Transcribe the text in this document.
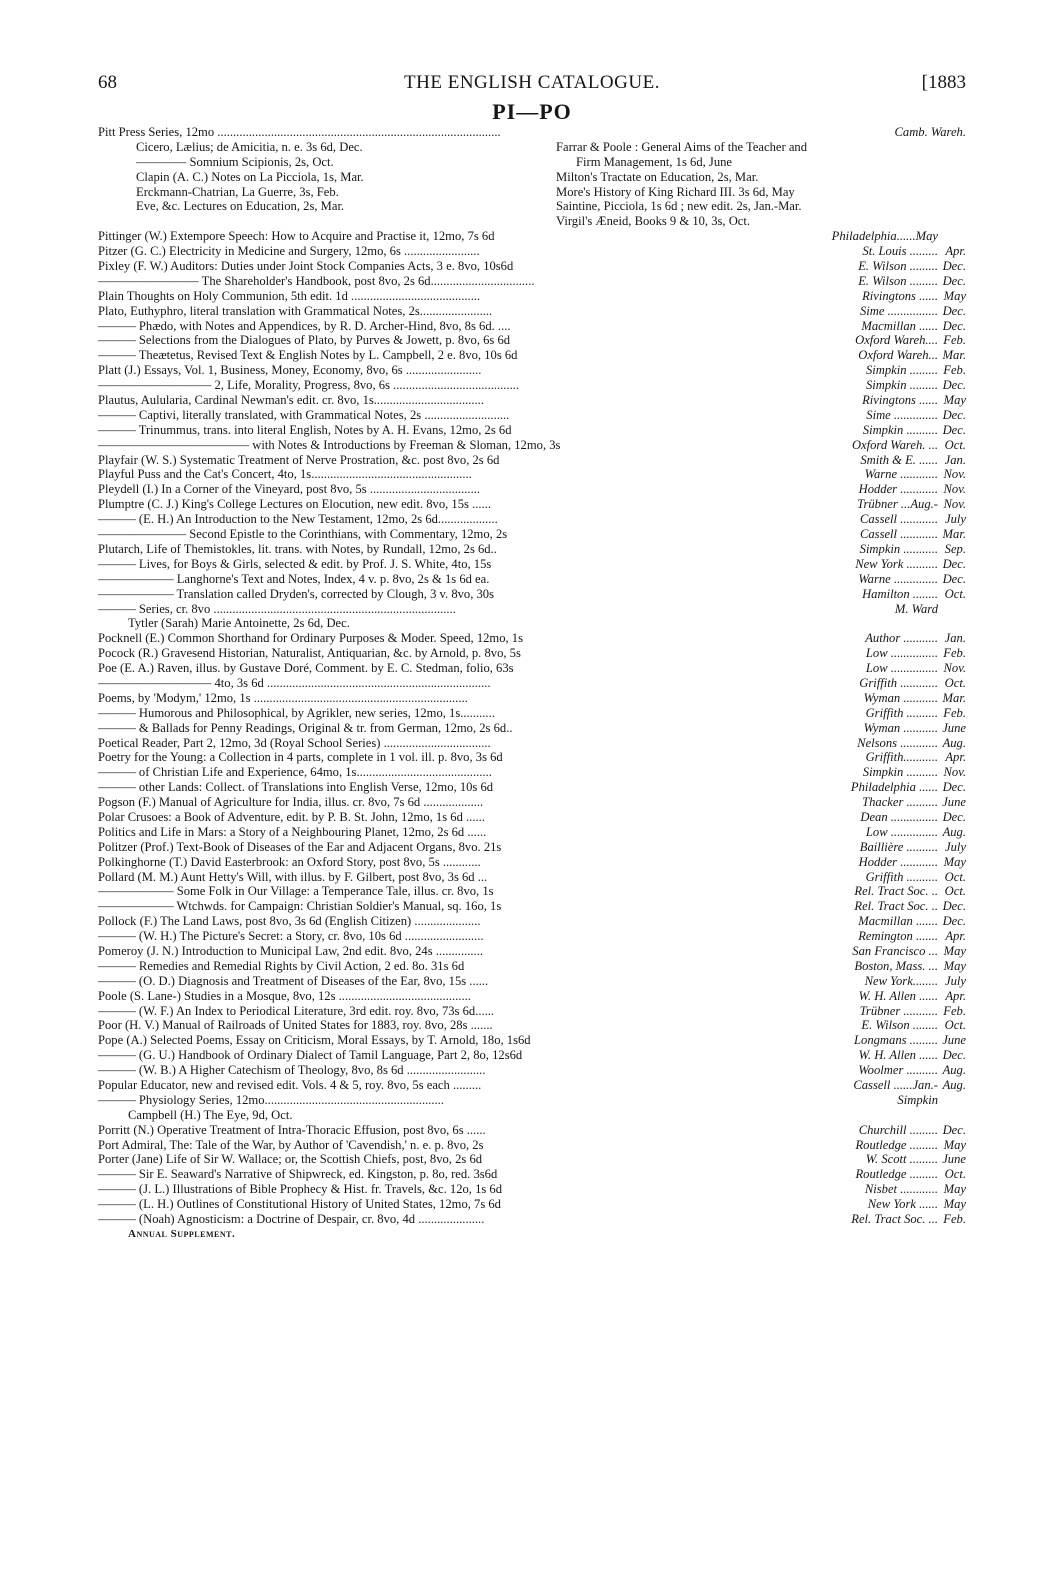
68	THE ENGLISH CATALOGUE.	[1883
PI—PO
Pitt Press Series, 12mo ..........................................................................................	Camb. Wareh.
Cicero, Lælius; de Amicitia, n. e. 3s 6d, Dec.
———— Somnium Scipionis, 2s, Oct.
Clapin (A. C.) Notes on La Picciola, 1s, Mar.
Erckmann-Chatrian, La Guerre, 3s, Feb.
Eve, &c. Lectures on Education, 2s, Mar.
Farrar & Poole : General Aims of the Teacher and
Firm Management, 1s 6d, June
Milton's Tractate on Education, 2s, Mar.
More's History of King Richard III. 3s 6d, May
Saintine, Picciola, 1s 6d ; new edit. 2s, Jan.-Mar.
Virgil's Æneid, Books 9 & 10, 3s, Oct.
Pittinger (W.) Extempore Speech: How to Acquire and Practise it, 12mo, 7s 6d	Philadelphia......May
Pitzer (G. C.) Electricity in Medicine and Surgery, 12mo, 6s ........................	St. Louis ......... Apr.
Pixley (F. W.) Auditors: Duties under Joint Stock Companies Acts, 3 e. 8vo, 10s6d	E. Wilson ......... Dec.
———————— The Shareholder's Handbook, post 8vo, 2s 6d.................................	E. Wilson ......... Dec.
Plain Thoughts on Holy Communion, 5th edit. 1d .........................................	Rivingtons ...... May
Plato, Euthyphro, literal translation with Grammatical Notes, 2s.......................	Sime ................ Dec.
——— Phædo, with Notes and Appendices, by R. D. Archer-Hind, 8vo, 8s 6d. ....	Macmillan ...... Dec.
——— Selections from the Dialogues of Plato, by Purves & Jowett, p. 8vo, 6s 6d	Oxford Wareh.... Feb.
——— Theætetus, Revised Text & English Notes by L. Campbell, 2 e. 8vo, 10s 6d	Oxford Wareh... Mar.
Platt (J.) Essays, Vol. 1, Business, Money, Economy, 8vo, 6s ........................	Simpkin ......... Feb.
————————— 2, Life, Morality, Progress, 8vo, 6s ........................................	Simpkin ......... Dec.
Plautus, Aulularia, Cardinal Newman's edit. cr. 8vo, 1s...................................	Rivingtons ...... May
——— Captivi, literally translated, with Grammatical Notes, 2s ...........................	Sime .............. Dec.
——— Trinummus, trans. into literal English, Notes by A. H. Evans, 12mo, 2s 6d	Simpkin .......... Dec.
———————————— with Notes & Introductions by Freeman & Sloman, 12mo, 3s	Oxford Wareh. ... Oct.
Playfair (W. S.) Systematic Treatment of Nerve Prostration, &c. post 8vo, 2s 6d	Smith & E. ...... Jan.
Playful Puss and the Cat's Concert, 4to, 1s...................................................	Warne ............ Nov.
Pleydell (I.) In a Corner of the Vineyard, post 8vo, 5s ...................................	Hodder ............ Nov.
Plumptre (C. J.) King's College Lectures on Elocution, new edit. 8vo, 15s ......	Trübner ...Aug.- Nov.
——— (E. H.) An Introduction to the New Testament, 12mo, 2s 6d...................	Cassell ............ July
——————— Second Epistle to the Corinthians, with Commentary, 12mo, 2s	Cassell ............ Mar.
Plutarch, Life of Themistokles, lit. trans. with Notes, by Rundall, 12mo, 2s 6d..	Simpkin ........... Sep.
——— Lives, for Boys & Girls, selected & edit. by Prof. J. S. White, 4to, 15s	New York .......... Dec.
—————— Langhorne's Text and Notes, Index, 4 v. p. 8vo, 2s & 1s 6d ea.	Warne .............. Dec.
—————— Translation called Dryden's, corrected by Clough, 3 v. 8vo, 30s	Hamilton ........ Oct.
——— Series, cr. 8vo .............................................................................	M. Ward
Tytler (Sarah) Marie Antoinette, 2s 6d, Dec.
Pocknell (E.) Common Shorthand for Ordinary Purposes & Moder. Speed, 12mo, 1s	Author ........... Jan.
Pocock (R.) Gravesend Historian, Naturalist, Antiquarian, &c. by Arnold, p. 8vo, 5s	Low ............... Feb.
Poe (E. A.) Raven, illus. by Gustave Doré, Comment. by E. C. Stedman, folio, 63s	Low ............... Nov.
————————— 4to, 3s 6d .......................................................................	Griffith ............ Oct.
Poems, by 'Modym,' 12mo, 1s ....................................................................	Wyman ........... Mar.
——— Humorous and Philosophical, by Agrikler, new series, 12mo, 1s...........	Griffith .......... Feb.
——— & Ballads for Penny Readings, Original & tr. from German, 12mo, 2s 6d..	Wyman ........... June
Poetical Reader, Part 2, 12mo, 3d (Royal School Series) ..................................	Nelsons ............ Aug.
Poetry for the Young: a Collection in 4 parts, complete in 1 vol. ill. p. 8vo, 3s 6d	Griffith........... Apr.
——— of Christian Life and Experience, 64mo, 1s...........................................	Simpkin .......... Nov.
——— other Lands: Collect. of Translations into English Verse, 12mo, 10s 6d	Philadelphia ...... Dec.
Pogson (F.) Manual of Agriculture for India, illus. cr. 8vo, 7s 6d ...................	Thacker .......... June
Polar Crusoes: a Book of Adventure, edit. by P. B. St. John, 12mo, 1s 6d ......	Dean ............... Dec.
Politics and Life in Mars: a Story of a Neighbouring Planet, 12mo, 2s 6d ......	Low ............... Aug.
Politzer (Prof.) Text-Book of Diseases of the Ear and Adjacent Organs, 8vo. 21s	Baillière .......... July
Polkinghorne (T.) David Easterbrook: an Oxford Story, post 8vo, 5s ............	Hodder ............ May
Pollard (M. M.) Aunt Hetty's Will, with illus. by F. Gilbert, post 8vo, 3s 6d ...	Griffith .......... Oct.
—————— Some Folk in Our Village: a Temperance Tale, illus. cr. 8vo, 1s	Rel. Tract Soc. .. Oct.
—————— Wtchwds. for Campaign: Christian Soldier's Manual, sq. 16o, 1s	Rel. Tract Soc. .. Dec.
Pollock (F.) The Land Laws, post 8vo, 3s 6d (English Citizen) .....................	Macmillan ....... Dec.
——— (W. H.) The Picture's Secret: a Story, cr. 8vo, 10s 6d .........................	Remington ....... Apr.
Pomeroy (J. N.) Introduction to Municipal Law, 2nd edit. 8vo, 24s ...............	San Francisco ... May
——— Remedies and Remedial Rights by Civil Action, 2 ed. 8o. 31s 6d	Boston, Mass. ... May
——— (O. D.) Diagnosis and Treatment of Diseases of the Ear, 8vo, 15s ......	New York........ July
Poole (S. Lane-) Studies in a Mosque, 8vo, 12s ..........................................	W. H. Allen ...... Apr.
——— (W. F.) An Index to Periodical Literature, 3rd edit. roy. 8vo, 73s 6d......	Trübner ........... Feb.
Poor (H. V.) Manual of Railroads of United States for 1883, roy. 8vo, 28s .......	E. Wilson ........ Oct.
Pope (A.) Selected Poems, Essay on Criticism, Moral Essays, by T. Arnold, 18o, 1s6d	Longmans ......... June
——— (G. U.) Handbook of Ordinary Dialect of Tamil Language, Part 2, 8o, 12s6d	W. H. Allen ...... Dec.
——— (W. B.) A Higher Catechism of Theology, 8vo, 8s 6d .........................	Woolmer .......... Aug.
Popular Educator, new and revised edit. Vols. 4 & 5, roy. 8vo, 5s each .........	Cassell ......Jan.- Aug.
——— Physiology Series, 12mo.........................................................	Simpkin
Campbell (H.) The Eye, 9d, Oct.
Porritt (N.) Operative Treatment of Intra-Thoracic Effusion, post 8vo, 6s ......	Churchill ......... Dec.
Port Admiral, The: Tale of the War, by Author of 'Cavendish,' n. e. p. 8vo, 2s	Routledge ......... May
Porter (Jane) Life of Sir W. Wallace; or, the Scottish Chiefs, post, 8vo, 2s 6d	W. Scott ......... June
——— Sir E. Seaward's Narrative of Shipwreck, ed. Kingston, p. 8o, red. 3s6d	Routledge ......... Oct.
——— (J. L.) Illustrations of Bible Prophecy & Hist. fr. Travels, &c. 12o, 1s 6d	Nisbet ............ May
——— (L. H.) Outlines of Constitutional History of United States, 12mo, 7s 6d	New York ...... May
——— (Noah) Agnosticism: a Doctrine of Despair, cr. 8vo, 4d .....................	Rel. Tract Soc. ... Feb.
Annual Supplement.
